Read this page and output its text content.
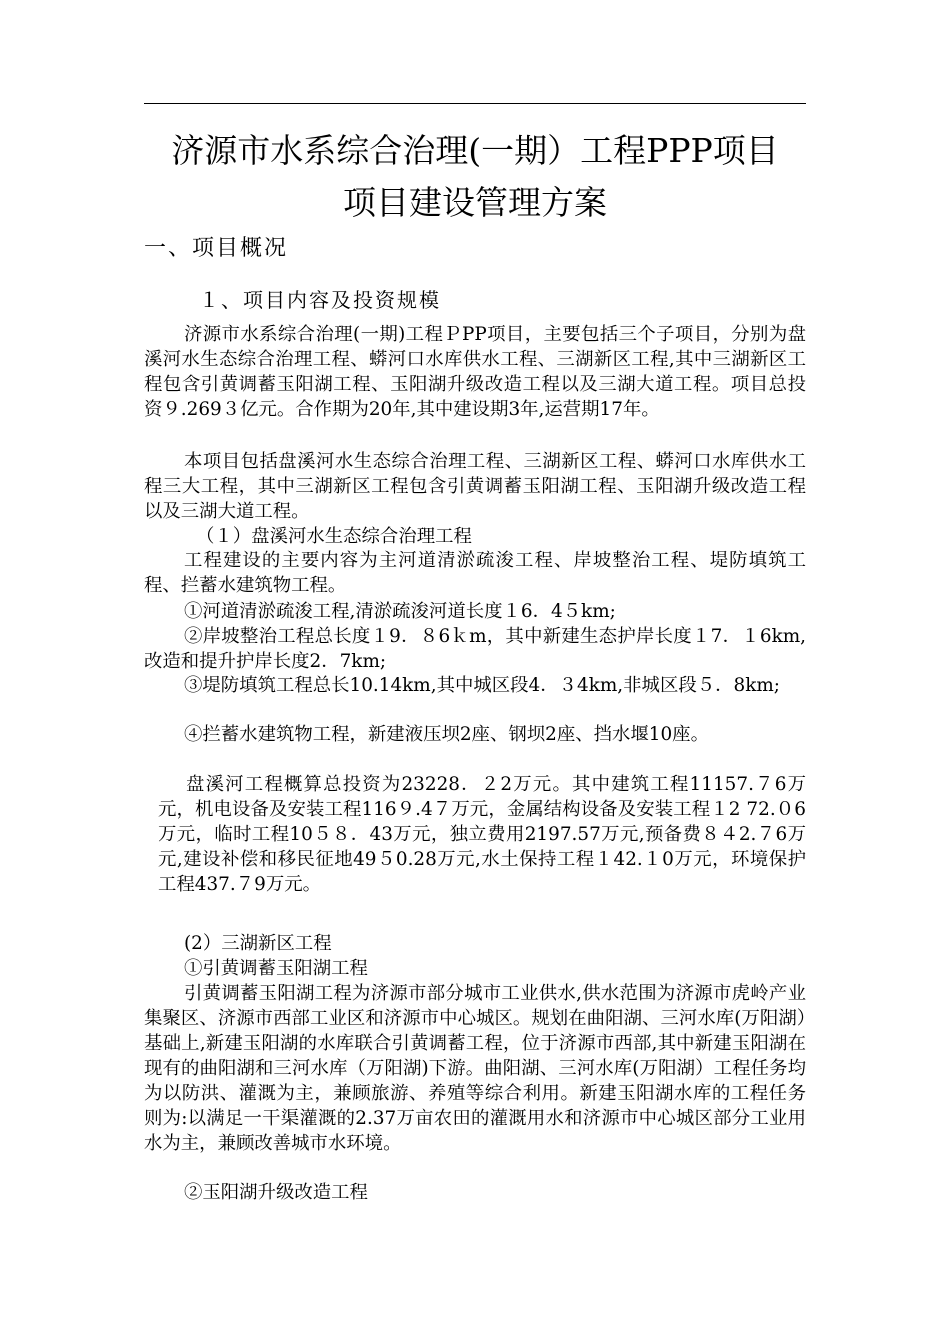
济源市水系综合治理(一期）工程PPP项目
项目建设管理方案
一、项目概况
１、项目内容及投资规模
济源市水系综合治理(一期)工程ＰPP项目，主要包括三个子项目，分别为盘溪河水生态综合治理工程、蟒河口水库供水工程、三湖新区工程,其中三湖新区工程包含引黄调蓄玉阳湖工程、玉阳湖升级改造工程以及三湖大道工程。项目总投资９.269３亿元。合作期为20年,其中建设期3年,运营期17年。
本项目包括盘溪河水生态综合治理工程、三湖新区工程、蟒河口水库供水工程三大工程，其中三湖新区工程包含引黄调蓄玉阳湖工程、玉阳湖升级改造工程以及三湖大道工程。
（１）盘溪河水生态综合治理工程
工程建设的主要内容为主河道清淤疏浚工程、岸坡整治工程、堤防填筑工程、拦蓄水建筑物工程。
①河道清淤疏浚工程,清淤疏浚河道长度１6．4５km;
②岸坡整治工程总长度１9．８6ｋm，其中新建生态护岸长度１7．１6km,改造和提升护岸长度2．7km;
③堤防填筑工程总长10.14km,其中城区段4．３4km,非城区段５．8km;
④拦蓄水建筑物工程，新建液压坝2座、钢坝2座、挡水堰10座。
盘溪河工程概算总投资为23228．２2万元。其中建筑工程11157.７6万元，机电设备及安装工程116９.4７万元，金属结构设备及安装工程１2 72.０6万元，临时工程10５８．43万元，独立费用2197.57万元,预备费８４2.７6万元,建设补偿和移民征地49５0.28万元,水土保持工程１42.１0万元，环境保护工程437.７9万元。
(2）三湖新区工程
①引黄调蓄玉阳湖工程
引黄调蓄玉阳湖工程为济源市部分城市工业供水,供水范围为济源市虎岭产业集聚区、济源市西部工业区和济源市中心城区。规划在曲阳湖、三河水库(万阳湖）基础上,新建玉阳湖的水库联合引黄调蓄工程，位于济源市西部,其中新建玉阳湖在现有的曲阳湖和三河水库（万阳湖)下游。曲阳湖、三河水库(万阳湖）工程任务均为以防洪、灌溉为主，兼顾旅游、养殖等综合利用。新建玉阳湖水库的工程任务则为:以满足一干渠灌溉的2.37万亩农田的灌溉用水和济源市中心城区部分工业用水为主，兼顾改善城市水环境。
②玉阳湖升级改造工程
